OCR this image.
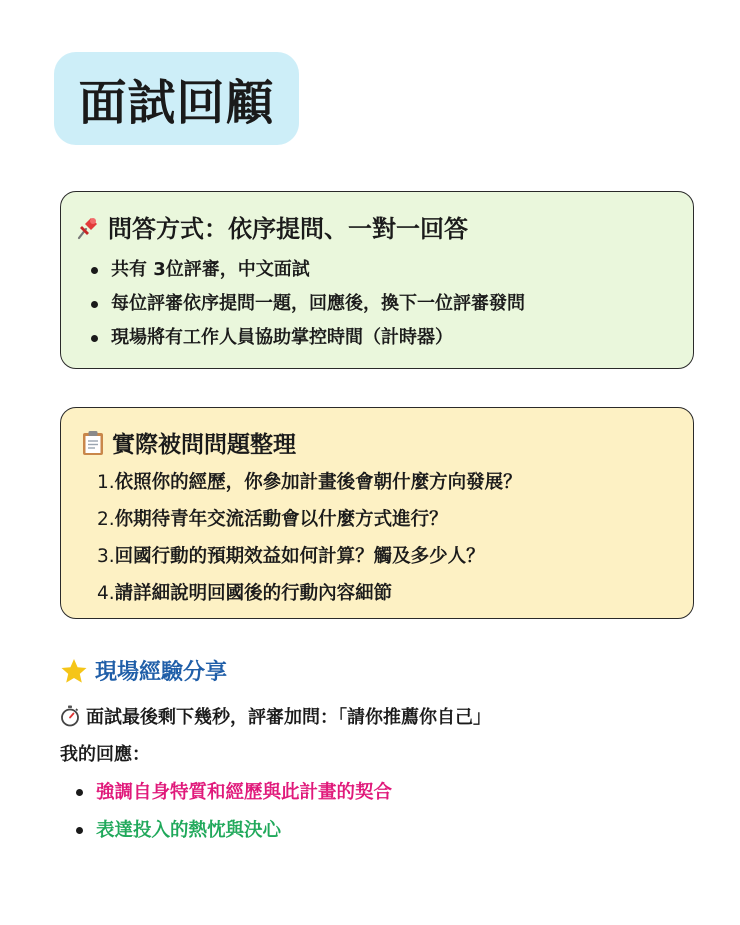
面試回顧
問答方式：依序提問、一對一回答
共有 3位評審，中文面試
每位評審依序提問一題，回應後，換下一位評審發問
現場將有工作人員協助掌控時間（計時器）
實際被問問題整理
1.依照你的經歷，你參加計畫後會朝什麼方向發展？
2.你期待青年交流活動會以什麼方式進行？
3.回國行動的預期效益如何計算？觸及多少人？
4.請詳細說明回國後的行動內容細節
現場經驗分享
面試最後剩下幾秒，評審加問：「請你推薦你自己」
我的回應：
強調自身特質和經歷與此計畫的契合
表達投入的熱忱與決心
